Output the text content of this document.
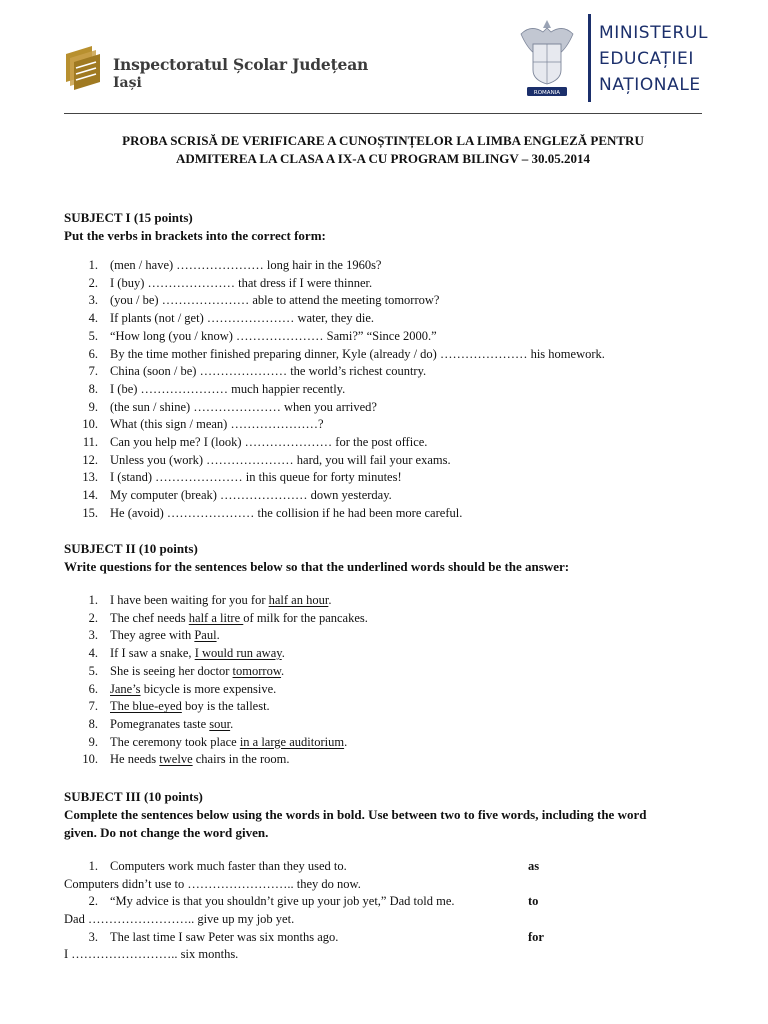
Inspectoratul Școlar Județean
Iași
ROMANIA
MINISTERUL
EDUCAȚIEI
NAȚIONALE
PROBA SCRISĂ DE VERIFICARE A CUNOȘTINȚELOR LA LIMBA ENGLEZĂ PENTRU
ADMITEREA LA CLASA A IX-A CU PROGRAM BILINGV – 30.05.2014
SUBJECT I (15 points)
Put the verbs in brackets into the correct form:
1. (men / have) ………………… long hair in the 1960s?
2. I (buy) ………………… that dress if I were thinner.
3. (you / be) ………………… able to attend the meeting tomorrow?
4. If plants (not / get) ………………… water, they die.
5. “How long (you / know) ………………… Sami?” “Since 2000.”
6. By the time mother finished preparing dinner, Kyle (already / do) ………………… his homework.
7. China (soon / be) ………………… the world’s richest country.
8. I (be) ………………… much happier recently.
9. (the sun / shine) ………………… when you arrived?
10. What (this sign / mean) …………………?
11. Can you help me? I (look) ………………… for the post office.
12. Unless you (work) ………………… hard, you will fail your exams.
13. I (stand) ………………… in this queue for forty minutes!
14. My computer (break) ………………… down yesterday.
15. He (avoid) ………………… the collision if he had been more careful.
SUBJECT II (10 points)
Write questions for the sentences below so that the underlined words should be the answer:
1. I have been waiting for you for half an hour.
2. The chef needs half a litre of milk for the pancakes.
3. They agree with Paul.
4. If I saw a snake, I would run away.
5. She is seeing her doctor tomorrow.
6. Jane’s bicycle is more expensive.
7. The blue-eyed boy is the tallest.
8. Pomegranates taste sour.
9. The ceremony took place in a large auditorium.
10. He needs twelve chairs in the room.
SUBJECT III (10 points)
Complete the sentences below using the words in bold. Use between two to five words, including the word
given. Do not change the word given.
1. Computers work much faster than they used to.	as
Computers didn’t use to …………………….. they do now.
2. “My advice is that you shouldn’t give up your job yet,” Dad told me.	to
Dad …………………….. give up my job yet.
3. The last time I saw Peter was six months ago.	for
I …………………….. six months.
